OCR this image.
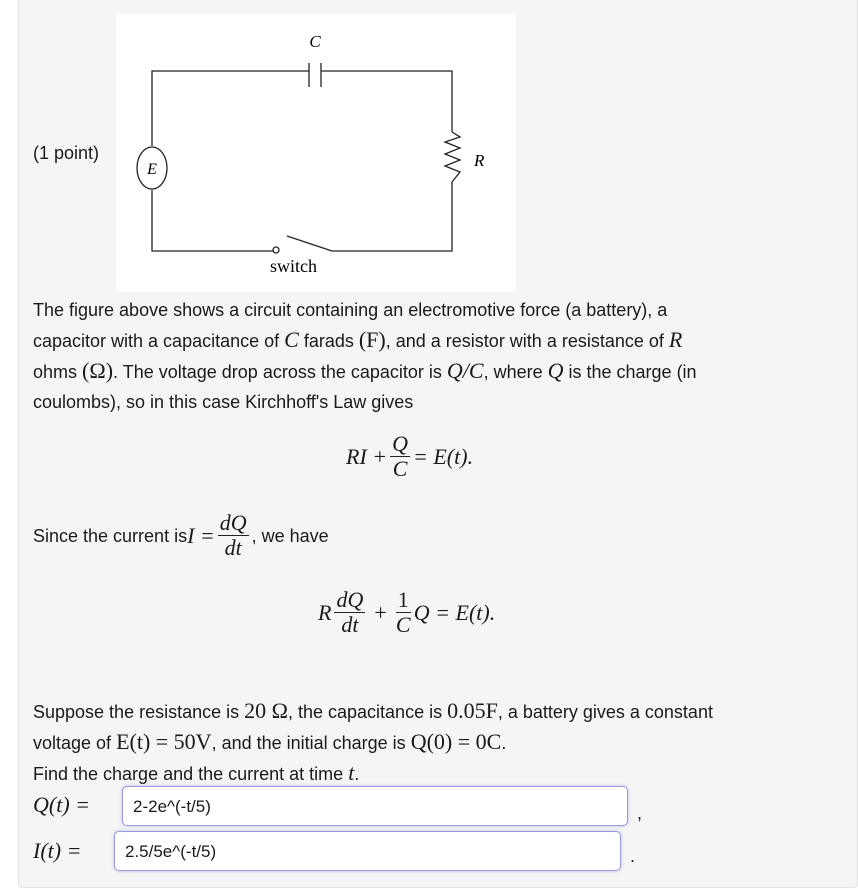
(1 point)
E
C
R
switch
The figure above shows a circuit containing an electromotive force (a battery), a
capacitor with a capacitance of C farads (F), and a resistor with a resistance of R
ohms (Ω). The voltage drop across the capacitor is Q/C, where Q is the charge (in
coulombs), so in this case Kirchhoff's Law gives
RI + $\frac{Q}{C} = E(t)$.
Since the current is $I = \frac{dQ}{dt}$ , we have
R $\frac{dQ}{dt} + \frac{1}{C}$ Q = E(t).
Suppose the resistance is 20 Ω, the capacitance is 0.05F, a battery gives a constant
voltage of E(t) = 50V, and the initial charge is Q(0) = 0C.
Find the charge and the current at time t.
Q(t) =	2-2e^(-t/5)	,
I(t) =	2.5/5e^(-t/5)	.
